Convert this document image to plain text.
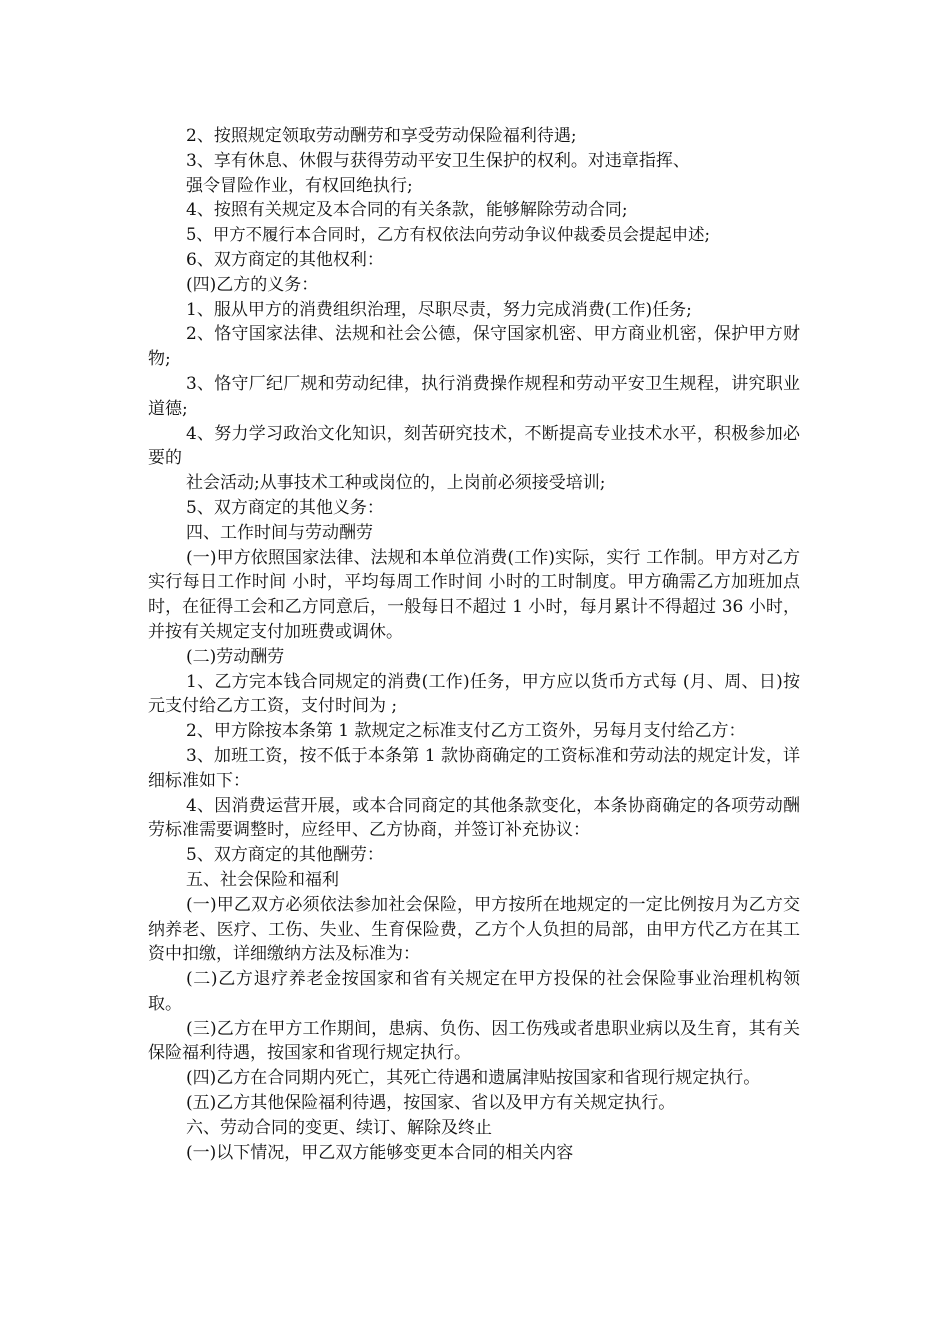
2、按照规定领取劳动酬劳和享受劳动保险福利待遇;

3、享有休息、休假与获得劳动平安卫生保护的权利。对违章指挥、

强令冒险作业，有权回绝执行;

4、按照有关规定及本合同的有关条款，能够解除劳动合同;

5、甲方不履行本合同时，乙方有权依法向劳动争议仲裁委员会提起申述;

6、双方商定的其他权利：

(四)乙方的义务：

1、服从甲方的消费组织治理，尽职尽责，努力完成消费(工作)任务;

2、恪守国家法律、法规和社会公德，保守国家机密、甲方商业机密，保护甲方财物;

3、恪守厂纪厂规和劳动纪律，执行消费操作规程和劳动平安卫生规程，讲究职业道德;

4、努力学习政治文化知识，刻苦研究技术，不断提高专业技术水平，积极参加必要的

社会活动;从事技术工种或岗位的，上岗前必须接受培训;

5、双方商定的其他义务：

四、工作时间与劳动酬劳

(一)甲方依照国家法律、法规和本单位消费(工作)实际，实行 工作制。甲方对乙方实行每日工作时间 小时，平均每周工作时间 小时的工时制度。甲方确需乙方加班加点时，在征得工会和乙方同意后，一般每日不超过 1 小时，每月累计不得超过 36 小时，并按有关规定支付加班费或调休。

(二)劳动酬劳

1、乙方完本钱合同规定的消费(工作)任务，甲方应以货币方式每 (月、周、日)按 元支付给乙方工资，支付时间为 ;

2、甲方除按本条第 1 款规定之标准支付乙方工资外，另每月支付给乙方：

3、加班工资，按不低于本条第 1 款协商确定的工资标准和劳动法的规定计发，详细标准如下：

4、因消费运营开展，或本合同商定的其他条款变化，本条协商确定的各项劳动酬劳标准需要调整时，应经甲、乙方协商，并签订补充协议：

5、双方商定的其他酬劳：

五、社会保险和福利

(一)甲乙双方必须依法参加社会保险，甲方按所在地规定的一定比例按月为乙方交纳养老、医疗、工伤、失业、生育保险费，乙方个人负担的局部，由甲方代乙方在其工资中扣缴，详细缴纳方法及标准为：

(二)乙方退疗养老金按国家和省有关规定在甲方投保的社会保险事业治理机构领取。

(三)乙方在甲方工作期间，患病、负伤、因工伤残或者患职业病以及生育，其有关保险福利待遇，按国家和省现行规定执行。

(四)乙方在合同期内死亡，其死亡待遇和遗属津贴按国家和省现行规定执行。

(五)乙方其他保险福利待遇，按国家、省以及甲方有关规定执行。

六、劳动合同的变更、续订、解除及终止

(一)以下情况，甲乙双方能够变更本合同的相关内容
